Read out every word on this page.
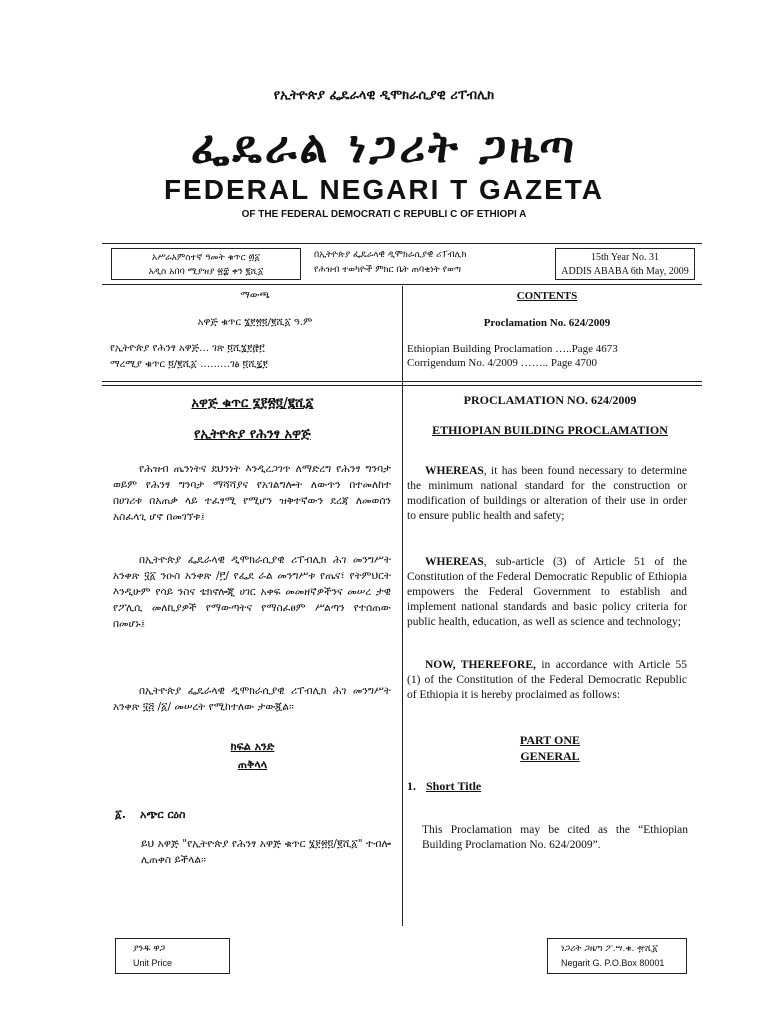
የኢትዮጵያ ፌዴራላዊ ዲሞክራሲያዊ ሪፐብሊክ
ፌዴራል ነጋሪት ጋዜጣ
FEDERAL NEGARI T GAZETA
OF THE FEDERAL DEMOCRATI C REPUBLI C OF ETHIOPI A
አሥራአምስተኛ ዓመት ቁጥር ፴፩
አዲስ አበባ ሚያዝያ ፳፰ ቀን ፪ሺ፩
በኢትዮጵያ ፌዴራላዊ ዲሞክራሲያዊ ሪፐብሊክ
የሕዝብ ተወካዮች ምክር ቤት ጠባቂነት የወጣ
15th Year No. 31
ADDIS ABABA 6th May, 2009
ማውጫ
አዋጅ ቁጥር ፮፻፳፬/፪ሺ፩ ዓ.ም
የኢትዮጵያ የሕንፃ አዋጅ… ገጽ ፬ሺ፮፻፸፫
ማረሚያ ቁጥር ፬/፪ሺ፩ ………ገፅ ፬ሺ፯፻
CONTENTS
Proclamation No. 624/2009
Ethiopian Building Proclamation …..Page 4673
Corrigendum No. 4/2009 …….. Page 4700
አዋጅ ቁጥር ፮፻፳፬/፪ሺ፩
የኢትዮጵያ የሕንፃ አዋጅ
የሕዝብ ጤንነትና ደህንነት እንዲረጋገጥ ለማድረግ የሕንፃ ግንባታ ወይም የሕንፃ ግንባታ ማሻሻያና የአገልግሎት ለውጥን በተመለከተ በሀገሪቱ በአጠቃ ላይ ተፈፃሚ የሚሆን ዝቅተኛውን ደረጃ ለመወሰን አስፈላጊ ሆኖ በመገኘቱ፤
በኢትዮጵያ ፌዴራላዊ ዲሞክራሲያዊ ሪፐብሊክ ሕገ መንግሥት አንቀጽ ፶፩ ንዑስ አንቀጽ /፫/ የፌደ ራል መንግሥቱ የጤና፣ የትምህርት እንዲሁም የሳይ ንስና ቴክኖሎጂ ሀገር አቀፍ መመዘኛዎችንና መሠረ ታዊ የፖሊሲ መለኪያዎች የማውጣትና የማስፈፀም ሥልጣን የተሰጠው በመሆኑ፤
በኢትዮጵያ ፌዴራላዊ ዲሞክራሲያዊ ሪፐብሊክ ሕገ መንግሥት አንቀጽ ፶፭ /፩/ መሠረት የሚከተለው ታውጇል፡፡
ክፍል አንድ
ጠቅላላ
፩. አጭር ርዕስ
ይህ አዋጅ "የኢትዮጵያ የሕንፃ አዋጅ ቁጥር ፮፻፳፬/፪ሺ፩" ተብሎ ሊጠቀስ ይችላል፡፡
PROCLAMATION NO. 624/2009
ETHIOPIAN BUILDING PROCLAMATION
WHEREAS, it has been found necessary to determine the minimum national standard for the construction or modification of buildings or alteration of their use in order to ensure public health and safety;
WHEREAS, sub-article (3) of Article 51 of the Constitution of the Federal Democratic Republic of Ethiopia empowers the Federal Government to establish and implement national standards and basic policy criteria for public health, education, as well as science and technology;
NOW, THEREFORE, in accordance with Article 55 (1) of the Constitution of the Federal Democratic Republic of Ethiopia it is hereby proclaimed as follows:
PART ONE
GENERAL
1. Short Title
This Proclamation may be cited as the “Ethiopian Building Proclamation No. 624/2009”.
ያንዱ ዋጋ
Unit Price
ነጋሪት ጋዜጣ ፖ.ሣ.ቁ. ፹ሺ፩
Negarit G. P.O.Box 80001
